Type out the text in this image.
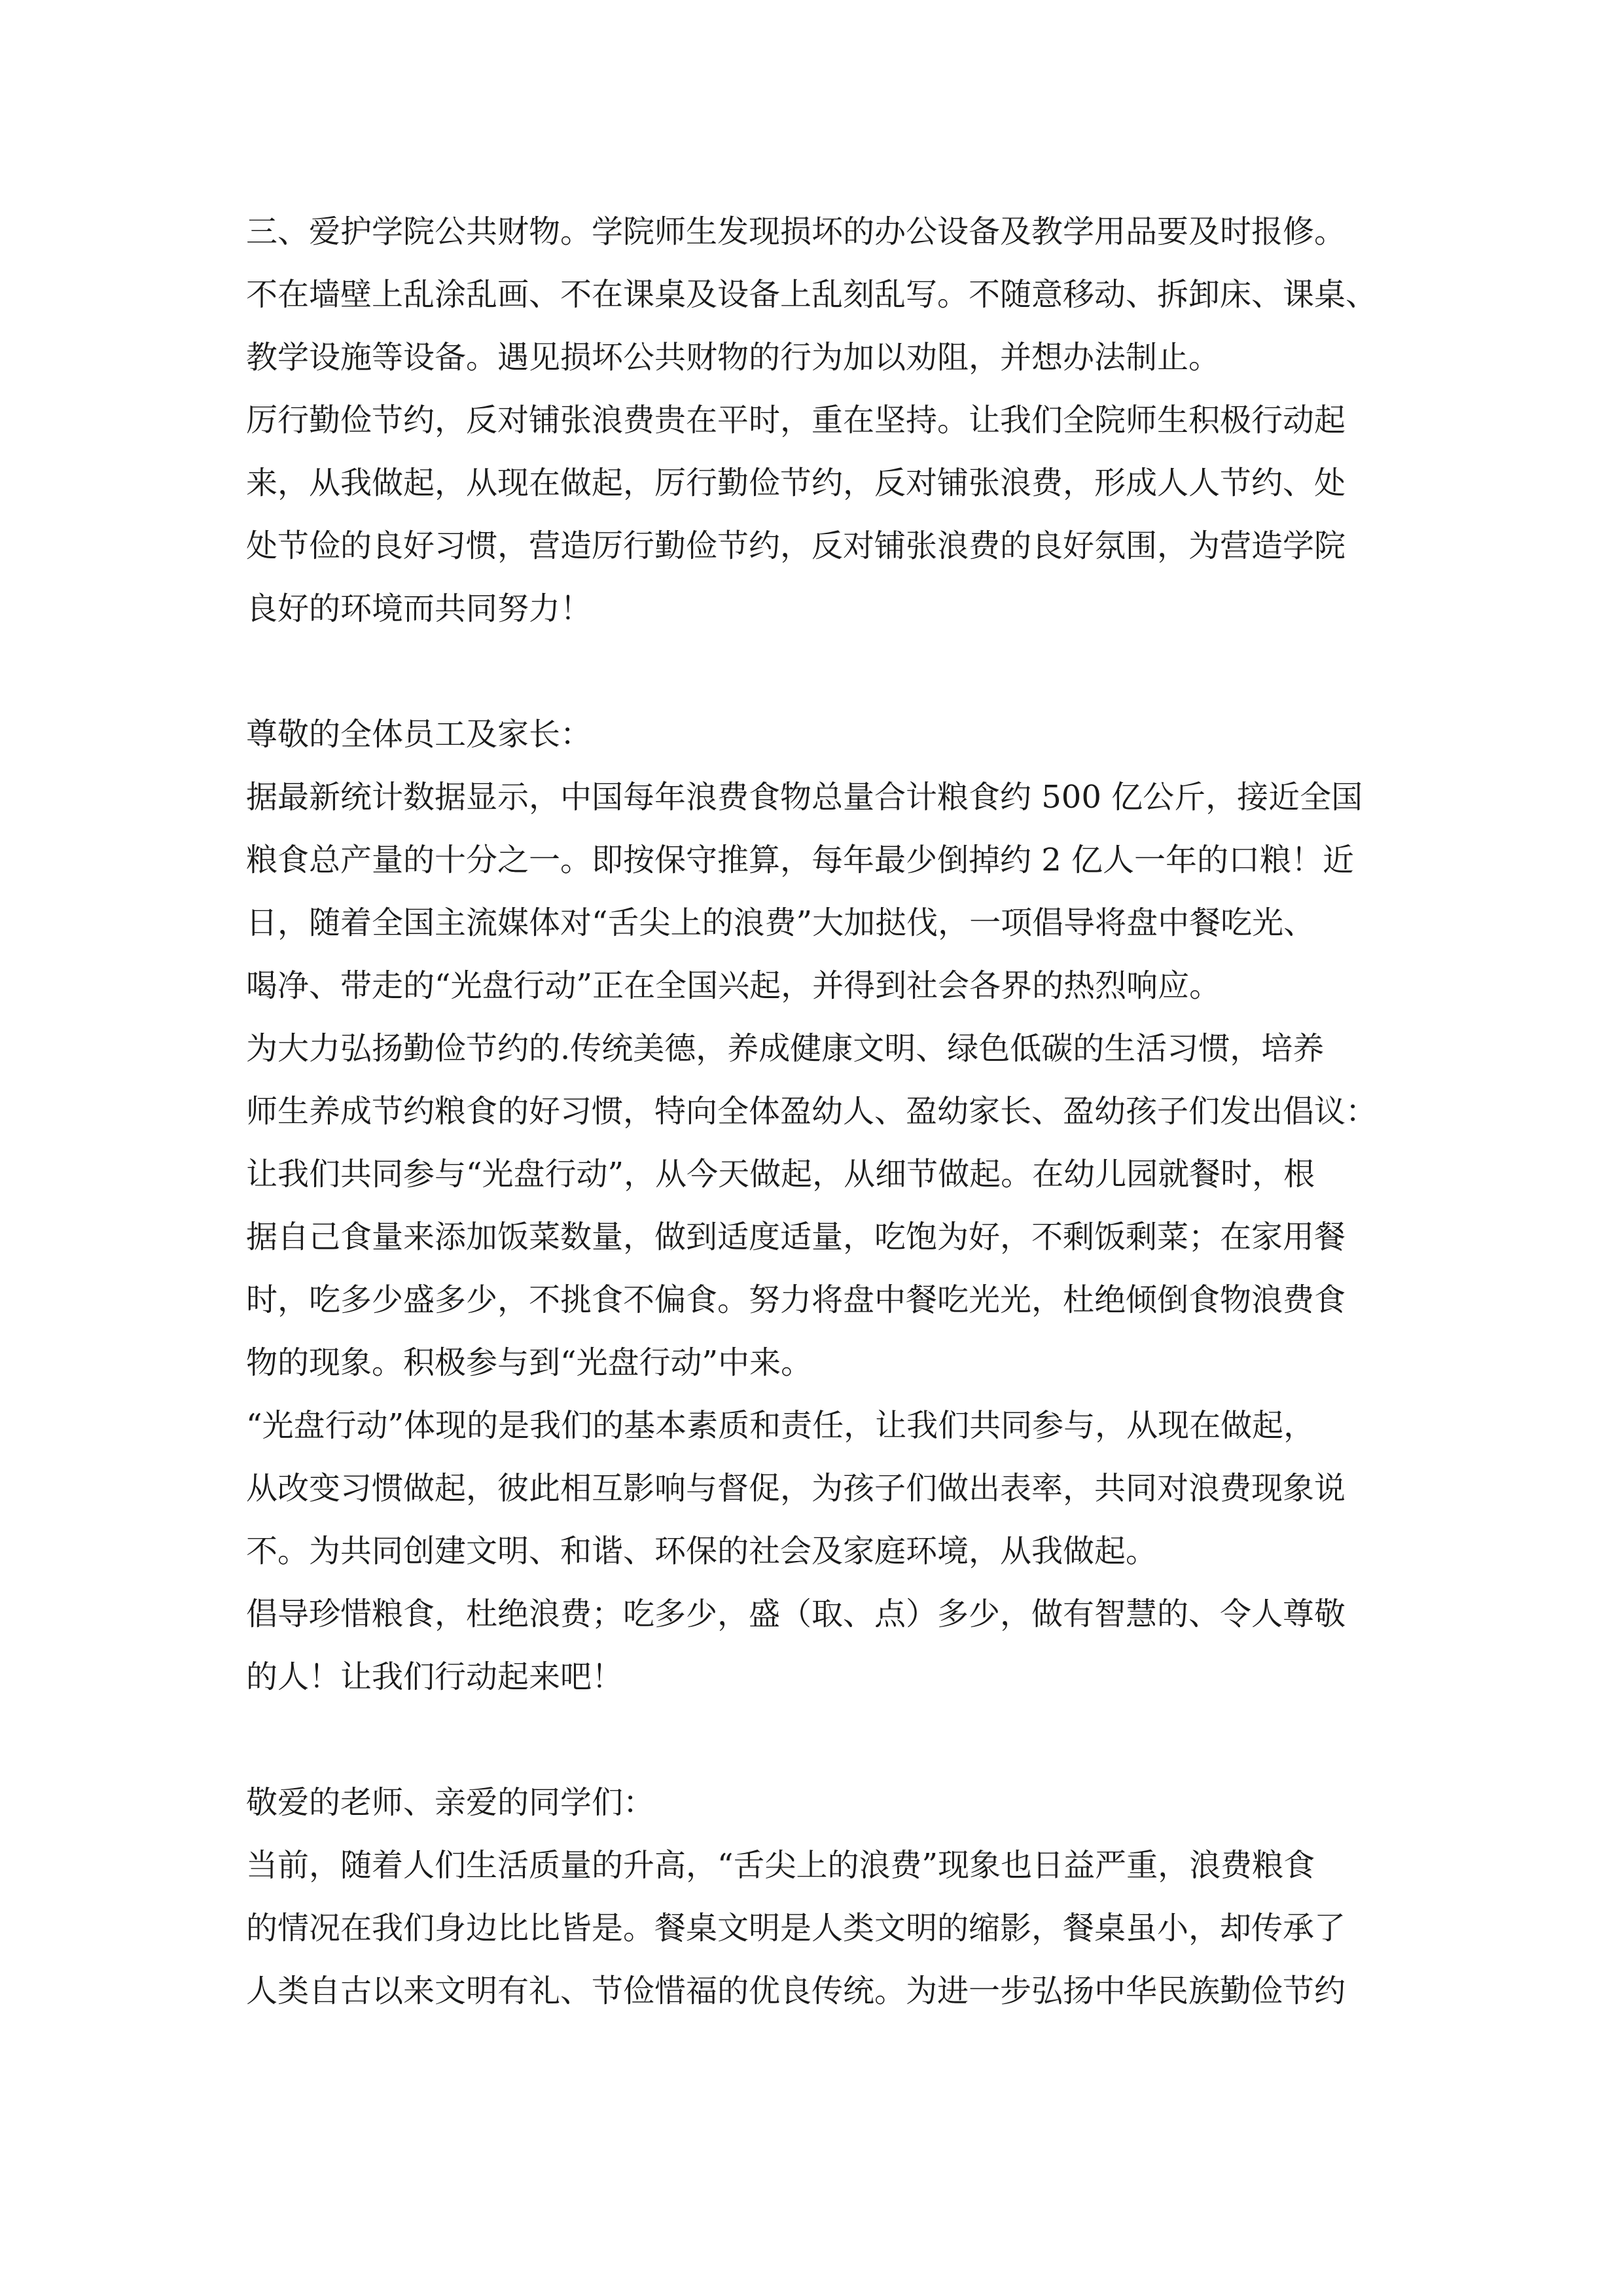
三、爱护学院公共财物。学院师生发现损坏的办公设备及教学用品要及时报修。
不在墙壁上乱涂乱画、不在课桌及设备上乱刻乱写。不随意移动、拆卸床、课桌、
教学设施等设备。遇见损坏公共财物的行为加以劝阻，并想办法制止。
厉行勤俭节约，反对铺张浪费贵在平时，重在坚持。让我们全院师生积极行动起
来，从我做起，从现在做起，厉行勤俭节约，反对铺张浪费，形成人人节约、处
处节俭的良好习惯，营造厉行勤俭节约，反对铺张浪费的良好氛围，为营造学院
良好的环境而共同努力！
尊敬的全体员工及家长：
据最新统计数据显示，中国每年浪费食物总量合计粮食约 500 亿公斤，接近全国
粮食总产量的十分之一。即按保守推算，每年最少倒掉约 2 亿人一年的口粮！近
日，随着全国主流媒体对“舌尖上的浪费”大加挞伐，一项倡导将盘中餐吃光、
喝净、带走的“光盘行动”正在全国兴起，并得到社会各界的热烈响应。
为大力弘扬勤俭节约的.传统美德，养成健康文明、绿色低碳的生活习惯，培养
师生养成节约粮食的好习惯，特向全体盈幼人、盈幼家长、盈幼孩子们发出倡议：
让我们共同参与“光盘行动”，从今天做起，从细节做起。在幼儿园就餐时，根
据自己食量来添加饭菜数量，做到适度适量，吃饱为好，不剩饭剩菜；在家用餐
时，吃多少盛多少，不挑食不偏食。努力将盘中餐吃光光，杜绝倾倒食物浪费食
物的现象。积极参与到“光盘行动”中来。
“光盘行动”体现的是我们的基本素质和责任，让我们共同参与，从现在做起，
从改变习惯做起，彼此相互影响与督促，为孩子们做出表率，共同对浪费现象说
不。为共同创建文明、和谐、环保的社会及家庭环境，从我做起。
倡导珍惜粮食，杜绝浪费；吃多少，盛（取、点）多少，做有智慧的、令人尊敬
的人！让我们行动起来吧！
敬爱的老师、亲爱的同学们：
当前，随着人们生活质量的升高，“舌尖上的浪费”现象也日益严重，浪费粮食
的情况在我们身边比比皆是。餐桌文明是人类文明的缩影，餐桌虽小，却传承了
人类自古以来文明有礼、节俭惜福的优良传统。为进一步弘扬中华民族勤俭节约
